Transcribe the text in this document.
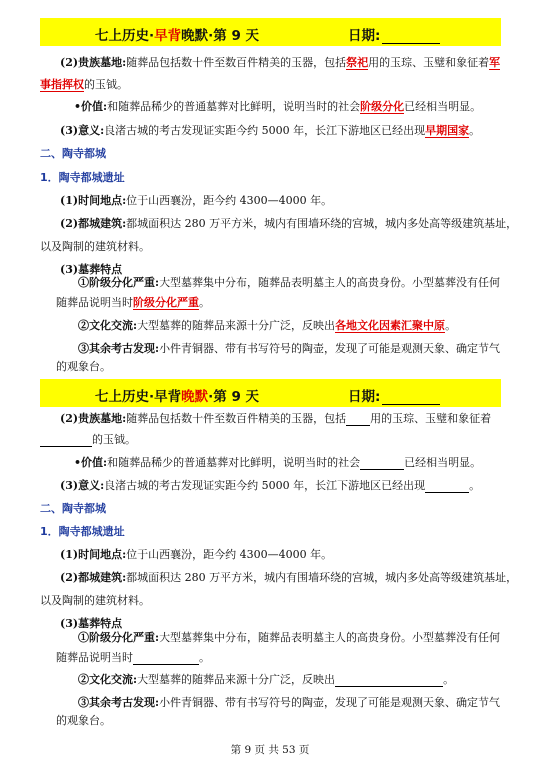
七上历史·早背晚默·第 9 天	日期:
(2)贵族墓地:随葬品包括数十件至数百件精美的玉器，包括祭祀用的玉琮、玉璧和象征着军
事指挥权的玉钺。
•价值:和随葬品稀少的普通墓葬对比鲜明，说明当时的社会阶级分化已经相当明显。
(3)意义:良渚古城的考古发现证实距今约 5000 年，长江下游地区已经出现早期国家。
二、陶寺都城
1．陶寺都城遗址
(1)时间地点:位于山西襄汾，距今约 4300—4000 年。
(2)都城建筑:都城面积达 280 万平方米，城内有围墙环绕的宫城，城内多处高等级建筑基址，
以及陶制的建筑材料。
(3)墓葬特点
①阶级分化严重:大型墓葬集中分布，随葬品表明墓主人的高贵身份。小型墓葬没有任何
随葬品说明当时阶级分化严重。
②文化交流:大型墓葬的随葬品来源十分广泛，反映出各地文化因素汇聚中原。
③其余考古发现:小件青铜器、带有书写符号的陶壶，发现了可能是观测天象、确定节气
的观象台。
七上历史·早背晚默·第 9 天	日期:
(2)贵族墓地:随葬品包括数十件至数百件精美的玉器，包括 用的玉琮、玉璧和象征着
的玉钺。
•价值:和随葬品稀少的普通墓葬对比鲜明，说明当时的社会	已经相当明显。
(3)意义:良渚古城的考古发现证实距今约 5000 年，长江下游地区已经出现	。
二、陶寺都城
1．陶寺都城遗址
(1)时间地点:位于山西襄汾，距今约 4300—4000 年。
(2)都城建筑:都城面积达 280 万平方米，城内有围墙环绕的宫城，城内多处高等级建筑基址，
以及陶制的建筑材料。
(3)墓葬特点
①阶级分化严重:大型墓葬集中分布，随葬品表明墓主人的高贵身份。小型墓葬没有任何
随葬品说明当时	。
②文化交流:大型墓葬的随葬品来源十分广泛，反映出	。
③其余考古发现:小件青铜器、带有书写符号的陶壶，发现了可能是观测天象、确定节气
的观象台。
第 9 页 共 53 页
